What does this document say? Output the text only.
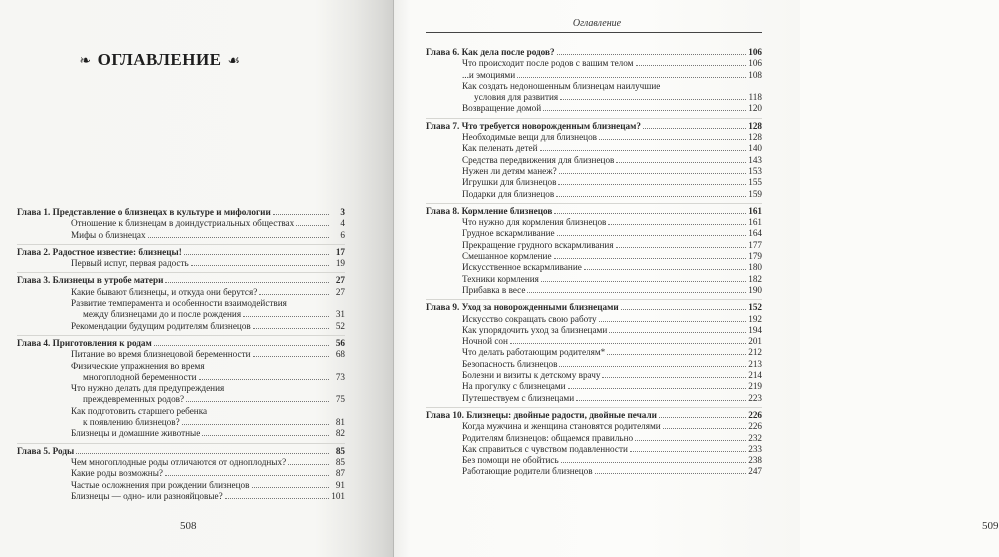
❧ ОГЛАВЛЕНИЕ ☙
Глава 1.
Представление о близнецах в культуре и мифологии	3
Отношение к близнецам в доиндустриальных обществах	4
Мифы о близнецах	6
Глава 2.
Радостное известие: близнецы!	17
Первый испуг, первая радость	19
Глава 3.
Близнецы в утробе матери	27
Какие бывают близнецы, и откуда они берутся?	27
Развитие темперамента и особенности взаимодействия
между близнецами до и после рождения	31
Рекомендации будущим родителям близнецов	52
Глава 4.
Приготовления к родам	56
Питание во время близнецовой беременности	68
Физические упражнения во время
многоплодной беременности	73
Что нужно делать для предупреждения
преждевременных родов?	75
Как подготовить старшего ребенка
к появлению близнецов?	81
Близнецы и домашние животные	82
Глава 5.
Роды	85
Чем многоплодные роды отличаются от одноплодных?	85
Какие роды возможны?	87
Частые осложнения при рождении близнецов	91
Близнецы — одно- или разнояйцовые?	101
508
Оглавление
Глава 6.
Как дела после родов?	106
Что происходит после родов с вашим телом	106
...и эмоциями	108
Как создать недоношенным близнецам наилучшие
условия для развития	118
Возвращение домой	120
Глава 7.
Что требуется новорожденным близнецам?	128
Необходимые вещи для близнецов	128
Как пеленать детей	140
Средства передвижения для близнецов	143
Нужен ли детям манеж?	153
Игрушки для близнецов	155
Подарки для близнецов	159
Глава 8.
Кормление близнецов	161
Что нужно для кормления близнецов	161
Грудное вскармливание	164
Прекращение грудного вскармливания	177
Смешанное кормление	179
Искусственное вскармливание	180
Техники кормления	182
Прибавка в весе	190
Глава 9.
Уход за новорожденными близнецами	152
Искусство сокращать свою работу	192
Как упорядочить уход за близнецами	194
Ночной сон	201
Что делать работающим родителям*	212
Безопасность близнецов	213
Болезни и визиты к детскому врачу	214
На прогулку с близнецами	219
Путешествуем с близнецами	223
Глава 10.
Близнецы: двойные радости, двойные печали	226
Когда мужчина и женщина становятся родителями	226
Родителям близнецов: общаемся правильно	232
Как справиться с чувством подавленности	233
Без помощи не обойтись	238
Работающие родители близнецов	247
509
